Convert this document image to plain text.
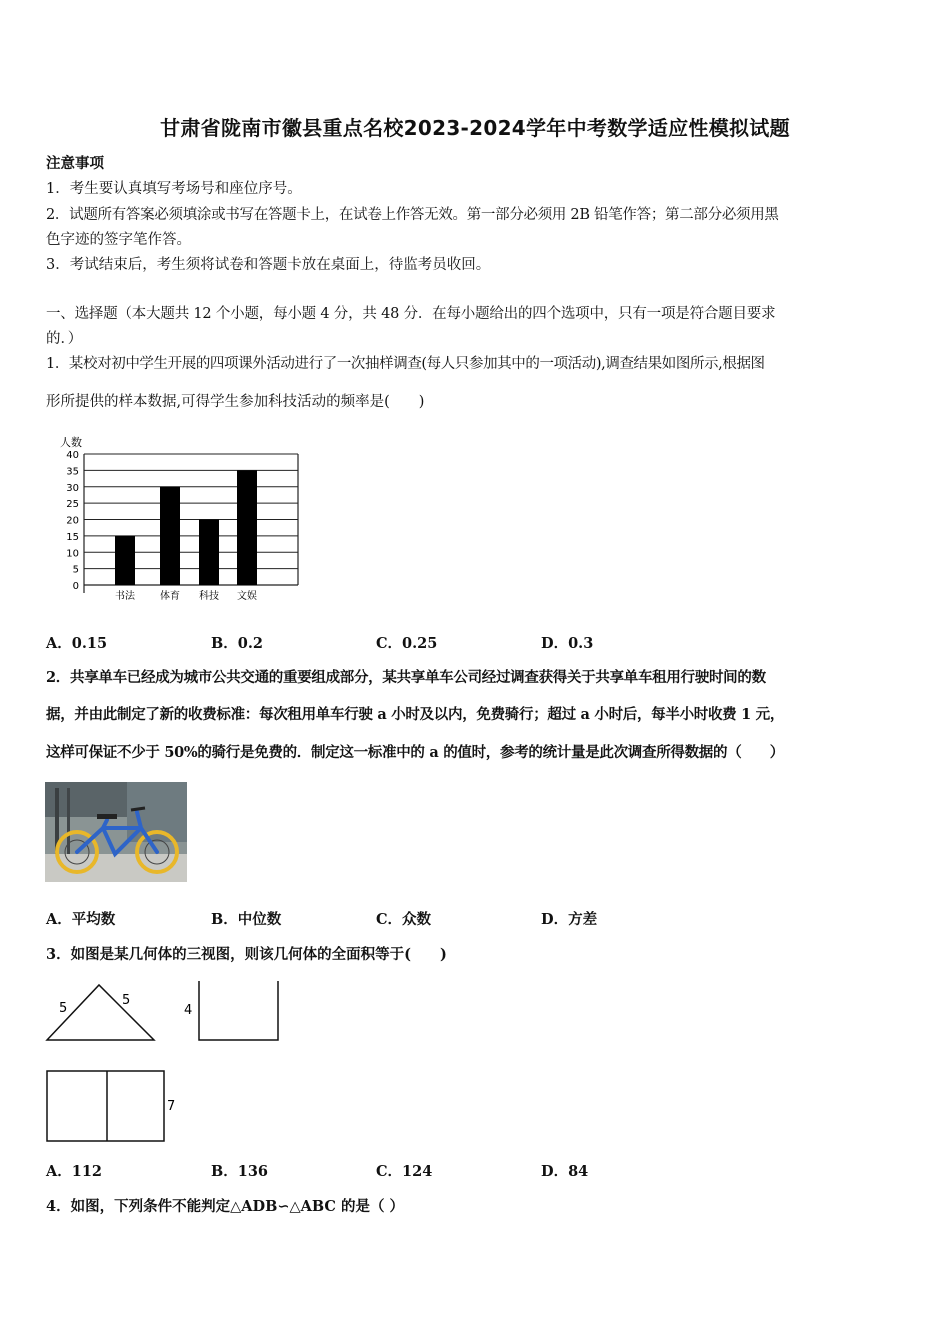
甘肃省陇南市徽县重点名校2023-2024学年中考数学适应性模拟试题
注意事项
1．考生要认真填写考场号和座位序号。
2．试题所有答案必须填涂或书写在答题卡上，在试卷上作答无效。第一部分必须用 2B 铅笔作答；第二部分必须用黑
色字迹的签字笔作答。
3．考试结束后，考生须将试卷和答题卡放在桌面上，待监考员收回。
一、选择题（本大题共 12 个小题，每小题 4 分，共 48 分．在每小题给出的四个选项中，只有一项是符合题目要求
的．）
1．某校对初中学生开展的四项课外活动进行了一次抽样调查(每人只参加其中的一项活动),调查结果如图所示,根据图
形所提供的样本数据,可得学生参加科技活动的频率是(　　)
人数
0
5
10
15
20
25
30
35
40
书法	体育 科技 文娱
A．0.15	B．0.2	C．0.25	D．0.3
2．共享单车已经成为城市公共交通的重要组成部分，某共享单车公司经过调查获得关于共享单车租用行驶时间的数
据，并由此制定了新的收费标准：每次租用单车行驶 a 小时及以内，免费骑行；超过 a 小时后，每半小时收费 1 元，
这样可保证不少于 50%的骑行是免费的．制定这一标准中的 a 的值时，参考的统计量是此次调查所得数据的（　　）
A．平均数	B．中位数	C．众数	D．方差
3．如图是某几何体的三视图，则该几何体的全面积等于(　　)
5
5
4
7
A．112	B．136	C．124	D．84
4．如图，下列条件不能判定△ADB∽△ABC 的是（ ）
